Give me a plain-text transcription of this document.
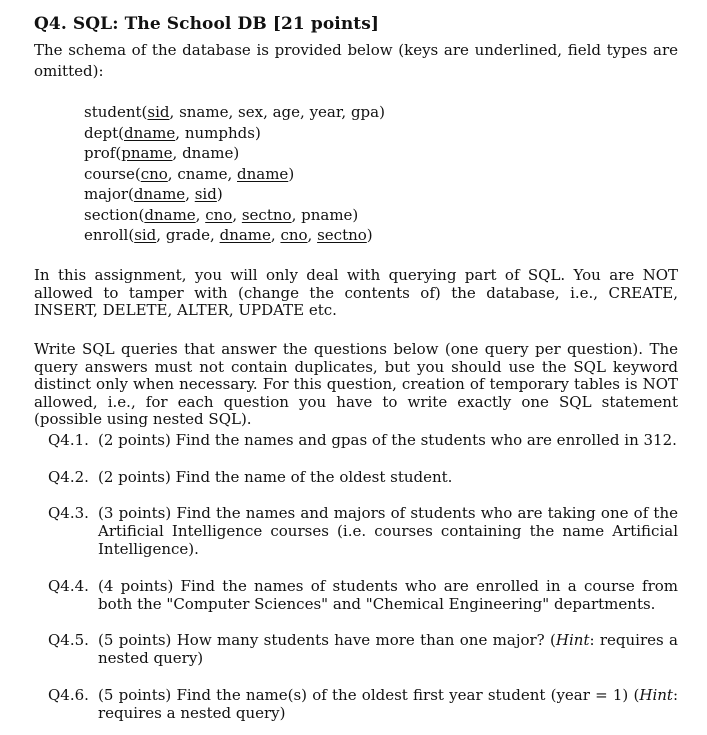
Q4. SQL: The School DB [21 points]
The schema of the database is provided below (keys are underlined, field types are omitted):
student(sid, sname, sex, age, year, gpa)
dept(dname, numphds)
prof(pname, dname)
course(cno, cname, dname)
major(dname, sid)
section(dname, cno, sectno, pname)
enroll(sid, grade, dname, cno, sectno)
In this assignment, you will only deal with querying part of SQL. You are NOT allowed to tamper with (change the contents of) the database, i.e., CREATE, INSERT, DELETE, ALTER, UPDATE etc.
Write SQL queries that answer the questions below (one query per question). The query answers must not contain duplicates, but you should use the SQL keyword distinct only when necessary. For this question, creation of temporary tables is NOT allowed, i.e., for each question you have to write exactly one SQL statement (possible using nested SQL).
Q4.1. (2 points) Find the names and gpas of the students who are enrolled in 312.
Q4.2. (2 points) Find the name of the oldest student.
Q4.3. (3 points) Find the names and majors of students who are taking one of the Artificial Intelligence courses (i.e. courses containing the name Artificial Intelligence).
Q4.4. (4 points) Find the names of students who are enrolled in a course from both the "Computer Sciences" and "Chemical Engineering" departments.
Q4.5. (5 points) How many students have more than one major? (Hint: requires a nested query)
Q4.6. (5 points) Find the name(s) of the oldest first year student (year = 1) (Hint: requires a nested query)
